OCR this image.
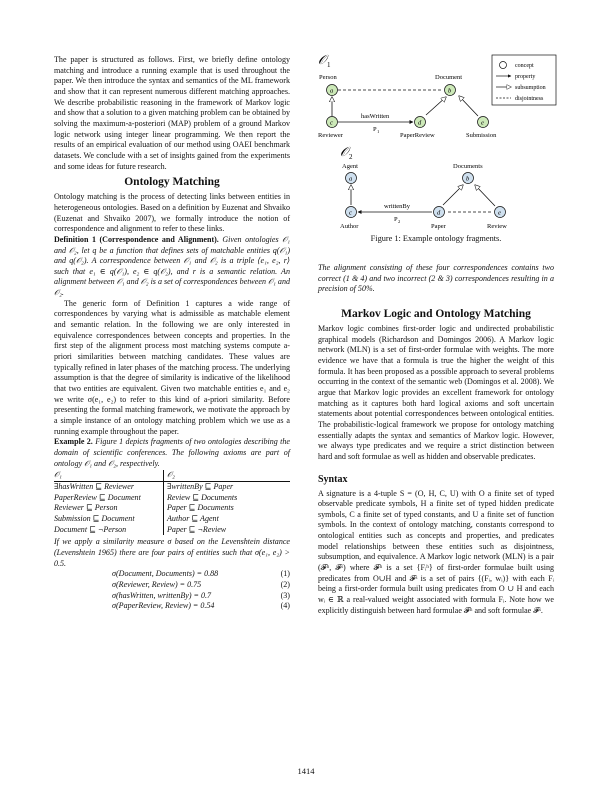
The paper is structured as follows. First, we briefly define ontology matching and introduce a running example that is used throughout the paper. We then introduce the syntax and semantics of the ML framework and show that it can represent numerous different matching approaches. We describe probabilistic reasoning in the framework of Markov logic and show that a solution to a given matching problem can be obtained by solving the maximum-a-posteriori (MAP) problem of a ground Markov logic network using integer linear programming. We then report the results of an empirical evaluation of our method using OAEI benchmark datasets. We conclude with a set of insights gained from the experiments and some ideas for future research.

Ontology Matching

Ontology matching is the process of detecting links between entities in heterogeneous ontologies. Based on a definition by Euzenat and Shvaiko (Euzenat and Shvaiko 2007), we formally introduce the notion of correspondence and alignment to refer to these links.

Definition 1 (Correspondence and Alignment). Given ontologies 𝒪₁ and 𝒪₂, let q be a function that defines sets of matchable entities q(𝒪₁) and q(𝒪₂). A correspondence between 𝒪₁ and 𝒪₂ is a triple ⟨e₁, e₂, r⟩ such that e₁ ∈ q(𝒪₁), e₂ ∈ q(𝒪₂), and r is a semantic relation. An alignment between 𝒪₁ and 𝒪₂ is a set of correspondences between 𝒪₁ and 𝒪₂.

The generic form of Definition 1 captures a wide range of correspondences by varying what is admissible as matchable element and semantic relation. In the following we are only interested in equivalence correspondences between concepts and properties. In the first step of the alignment process most matching systems compute a-priori similarities between matching candidates. These values are typically refined in later phases of the matching process. The underlying assumption is that the degree of similarity is indicative of the likelihood that two entities are equivalent. Given two matchable entities e₁ and e₂ we write σ(e₁, e₂) to refer to this kind of a-priori similarity. Before presenting the formal matching framework, we motivate the approach by a simple instance of an ontology matching problem which we use as a running example throughout the paper.

Example 2. Figure 1 depicts fragments of two ontologies describing the domain of scientific conferences. The following axioms are part of ontology 𝒪₁ and 𝒪₂, respectively.

𝒪₁	𝒪₂
∃hasWritten ⊑ Reviewer	∃writtenBy ⊑ Paper
PaperReview ⊑ Document	Review ⊑ Documents
Reviewer ⊑ Person	Paper ⊑ Documents
Submission ⊑ Document	Author ⊑ Agent
Document ⊑ ¬Person	Paper ⊑ ¬Review

If we apply a similarity measure σ based on the Levenshtein distance (Levenshtein 1965) there are four pairs of entities such that σ(e₁, e₂) > 0.5.

σ(Document, Documents) = 0.88	(1)
σ(Reviewer, Review) = 0.75	(2)
σ(hasWritten, writtenBy) = 0.7	(3)
σ(PaperReview, Review) = 0.54	(4)
𝒪 1
a	b
c	d	e
Person	Document
Reviewer	PaperReview	Submission
hasWritten
P 1
𝒪 2
a	b
c	d	e
Agent	Documents
Author	Paper	Review
writtenBy
P 2
concept
property
subsumption
disjointness
Figure 1: Example ontology fragments.

The alignment consisting of these four correspondences contains two correct (1 & 4) and two incorrect (2 & 3) correspondences resulting in a precision of 50%.

Markov Logic and Ontology Matching

Markov logic combines first-order logic and undirected probabilistic graphical models (Richardson and Domingos 2006). A Markov logic network (MLN) is a set of first-order formulae with weights. The more evidence we have that a formula is true the higher the weight of this formula. It has been proposed as a possible approach to several problems occurring in the context of the semantic web (Domingos et al. 2008). We argue that Markov logic provides an excellent framework for ontology matching as it captures both hard logical axioms and soft uncertain statements about potential correspondences between ontological entities. The probabilistic-logical framework we propose for ontology matching essentially adapts the syntax and semantics of Markov logic. However, we always type predicates and we require a strict distinction between hard and soft formulae as well as hidden and observable predicates.

Syntax

A signature is a 4-tuple S = (O, H, C, U) with O a finite set of typed observable predicate symbols, H a finite set of typed hidden predicate symbols, C a finite set of typed constants, and U a finite set of function symbols. In the context of ontology matching, constants correspond to ontological entities such as concepts and properties, and predicates model relationships between these entities such as disjointness, subsumption, and equivalence. A Markov logic network (MLN) is a pair (𝓕ʰ, 𝓕ˢ) where 𝓕ʰ is a set {Fᵢʰ} of first-order formulae built using predicates from O∪H and 𝓕ˢ is a set of pairs {(Fᵢ, wᵢ)} with each Fᵢ being a first-order formula built using predicates from O ∪ H and each wᵢ ∈ ℝ a real-valued weight associated with formula Fᵢ. Note how we explicitly distinguish between hard formulae 𝓕ʰ and soft formulae 𝓕ˢ.

1414
